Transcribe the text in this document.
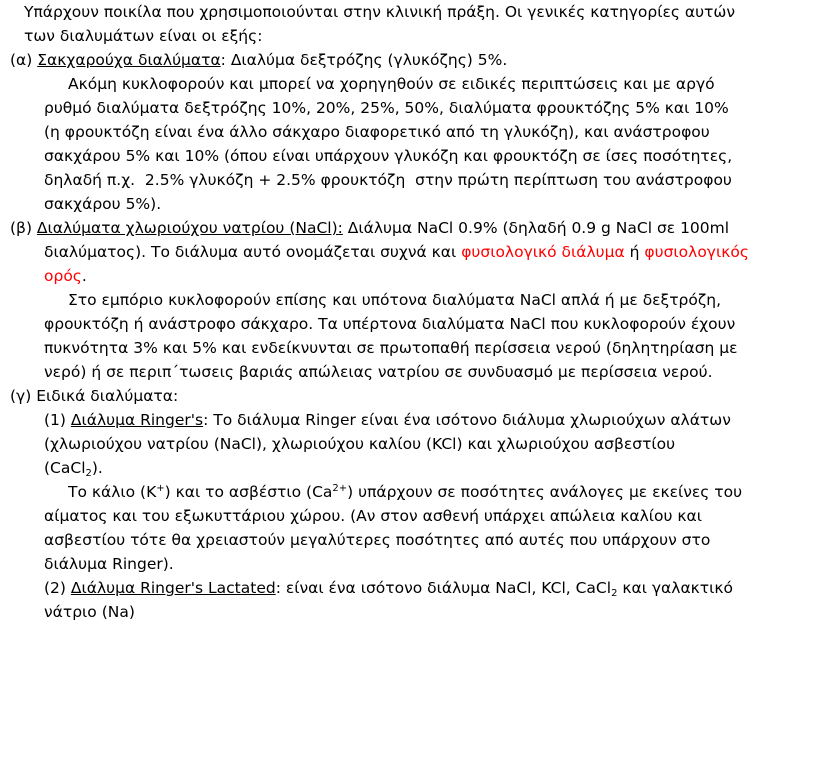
Υπάρχουν ποικίλα που χρησιμοποιούνται στην κλινική πράξη. Οι γενικές κατηγορίες αυτών
των διαλυμάτων είναι οι εξής:
(α) Σακχαρούχα διαλύματα: Διαλύμα δεξτρόζης (γλυκόζης) 5%.
Ακόμη κυκλοφορούν και μπορεί να χορηγηθούν σε ειδικές περιπτώσεις και με αργό
ρυθμό διαλύματα δεξτρόζης 10%, 20%, 25%, 50%, διαλύματα φρουκτόζης 5% και 10%
(η φρουκτόζη είναι ένα άλλο σάκχαρο διαφορετικό από τη γλυκόζη), και ανάστροφου
σακχάρου 5% και 10% (όπου είναι υπάρχουν γλυκόζη και φρουκτόζη σε ίσες ποσότητες,
δηλαδή π.χ.  2.5% γλυκόζη + 2.5% φρουκτόζη  στην πρώτη περίπτωση του ανάστροφου
σακχάρου 5%).
(β) Διαλύματα χλωριούχου νατρίου (NaCl): Διάλυμα NaCl 0.9% (δηλαδή 0.9 g NaCl σε 100ml
διαλύματος). Το διάλυμα αυτό ονομάζεται συχνά και φυσιολογικό διάλυμα ή φυσιολογικός
ορός.
Στο εμπόριο κυκλοφορούν επίσης και υπότονα διαλύματα NaCl απλά ή με δεξτρόζη,
φρουκτόζη ή ανάστροφο σάκχαρο. Τα υπέρτονα διαλύματα NaCl που κυκλοφορούν έχουν
πυκνότητα 3% και 5% και ενδείκνυνται σε πρωτοπαθή περίσσεια νερού (δηλητηρίαση με
νερό) ή σε περιπ΄τωσεις βαριάς απώλειας νατρίου σε συνδυασμό με περίσσεια νερού.
(γ) Ειδικά διαλύματα:
(1) Διάλυμα Ringer's: Το διάλυμα Ringer είναι ένα ισότονο διάλυμα χλωριούχων αλάτων
(χλωριούχου νατρίου (NaCl), χλωριούχου καλίου (KCl) και χλωριούχου ασβεστίου
(CaCl$_2$).
Το κάλιο (K+) και το ασβέστιο $(Ca^{2+})$ υπάρχουν σε ποσότητες ανάλογες με εκείνες του
αίματος και του εξωκυττάριου χώρου. (Αν στον ασθενή υπάρχει απώλεια καλίου και
ασβεστίου τότε θα χρειαστούν μεγαλύτερες ποσότητες από αυτές που υπάρχουν στο
διάλυμα Ringer).
(2) Διάλυμα Ringer's Lactated: είναι ένα ισότονο διάλυμα NaCl, KCl, CaCl$_2$ και γαλακτικό
νάτριο (Na)
